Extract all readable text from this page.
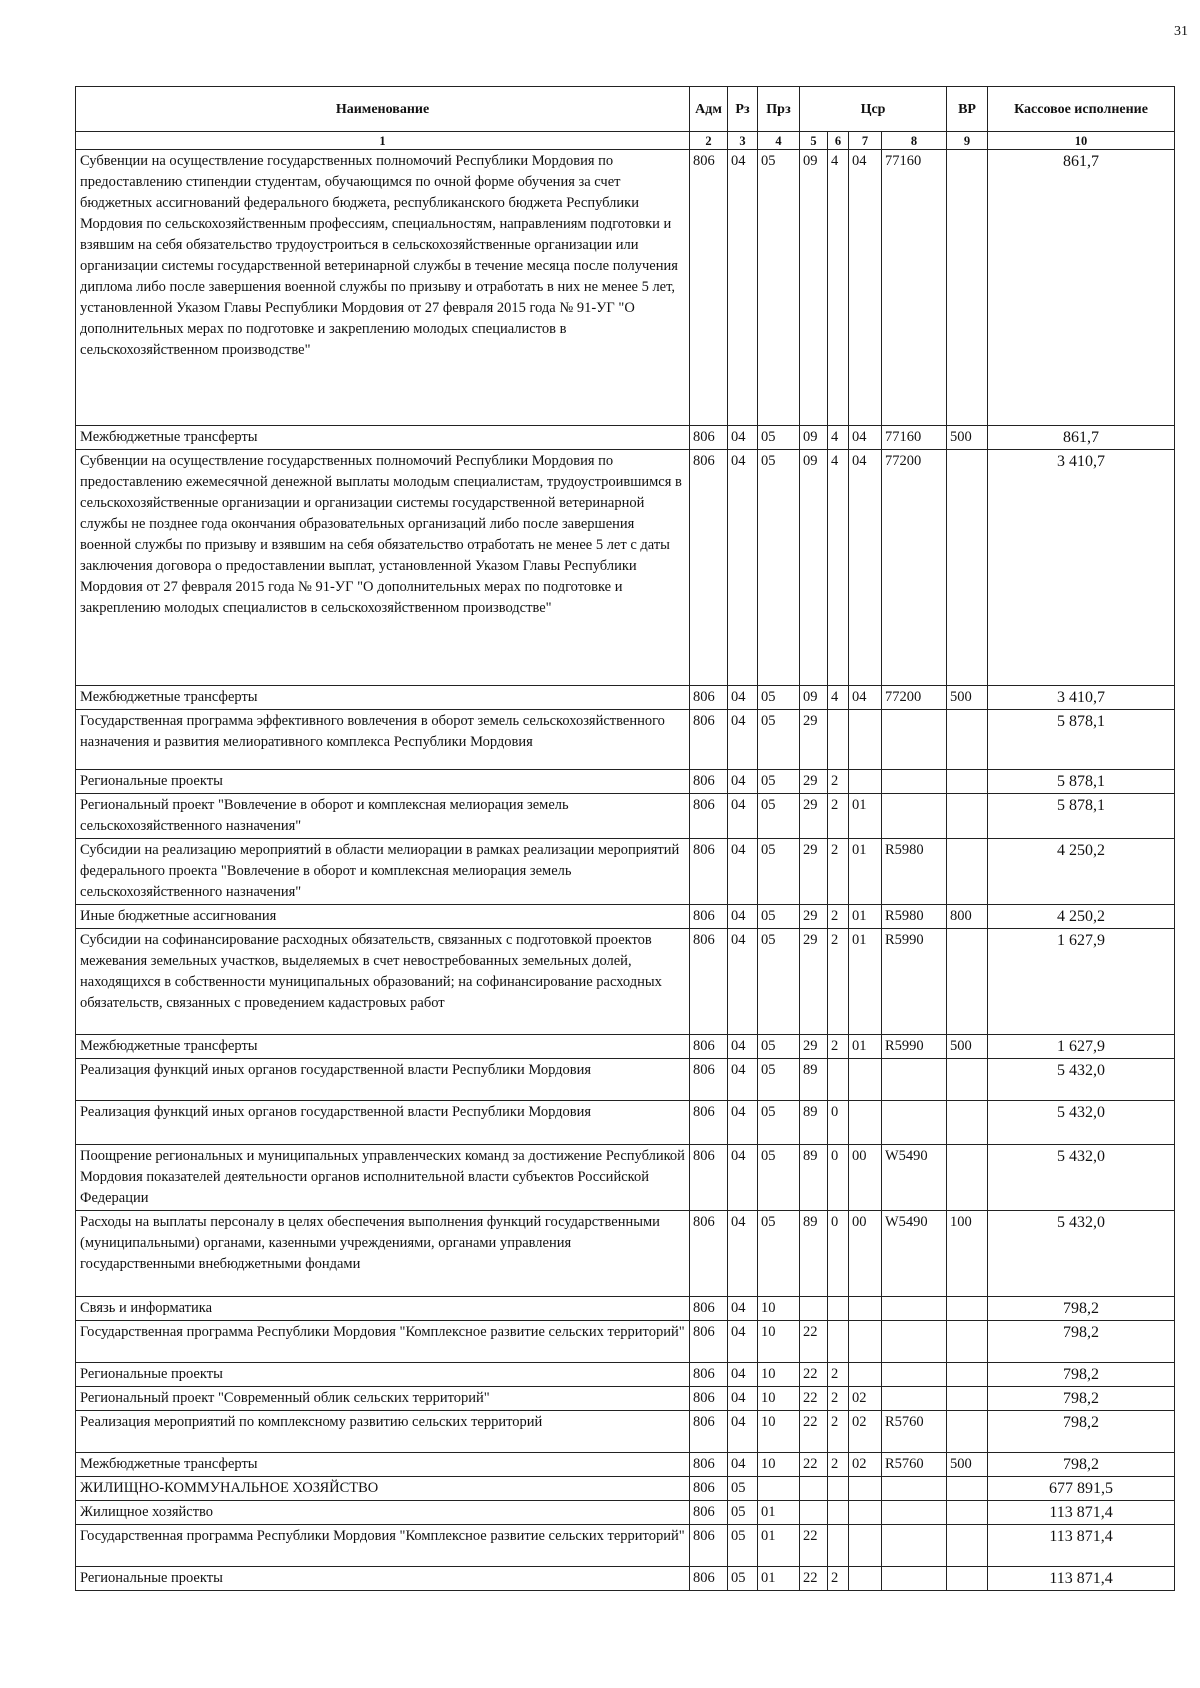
31
Наименование	Адм	Рз	Прз	Цср				ВР	Кассовое исполнение
1	2	3	4	5	6	7	8	9	10
Субвенции на осуществление государственных полномочий Республики Мордовия по предоставлению стипендии студентам, обучающимся по очной форме обучения за счет бюджетных ассигнований федерального бюджета, республиканского бюджета Республики Мордовия по сельскохозяйственным профессиям, специальностям, направлениям подготовки и взявшим на себя обязательство трудоустроиться в сельскохозяйственные организации или организации системы государственной ветеринарной службы в течение месяца после получения диплома либо после завершения военной службы по призыву и отработать в них не менее 5 лет, установленной Указом Главы Республики Мордовия от 27 февраля 2015 года № 91-УГ "О дополнительных мерах по подготовке и закреплению молодых специалистов в сельскохозяйственном производстве"	806	04	05	09	4	04	77160		861,7
Межбюджетные трансферты	806	04	05	09	4	04	77160	500	861,7
Субвенции на осуществление государственных полномочий Республики Мордовия по предоставлению ежемесячной денежной выплаты молодым специалистам, трудоустроившимся в сельскохозяйственные организации и организации системы государственной ветеринарной службы не позднее года окончания образовательных организаций либо после завершения военной службы по призыву и взявшим на себя обязательство отработать не менее 5 лет с даты заключения договора о предоставлении выплат, установленной Указом Главы Республики Мордовия от 27 февраля 2015 года № 91-УГ "О дополнительных мерах по подготовке и закреплению молодых специалистов в сельскохозяйственном производстве"	806	04	05	09	4	04	77200		3 410,7
Межбюджетные трансферты	806	04	05	09	4	04	77200	500	3 410,7
Государственная программа эффективного вовлечения в оборот земель сельскохозяйственного назначения и развития мелиоративного комплекса Республики Мордовия	806	04	05	29					5 878,1
Региональные проекты	806	04	05	29	2				5 878,1
Региональный проект "Вовлечение в оборот и комплексная мелиорация земель сельскохозяйственного назначения"	806	04	05	29	2	01			5 878,1
Субсидии на реализацию мероприятий в области мелиорации в рамках реализации мероприятий федерального проекта "Вовлечение в оборот и комплексная мелиорация земель сельскохозяйственного назначения"	806	04	05	29	2	01	R5980		4 250,2
Иные бюджетные ассигнования	806	04	05	29	2	01	R5980	800	4 250,2
Субсидии на софинансирование расходных обязательств, связанных с подготовкой проектов межевания земельных участков, выделяемых в счет невостребованных земельных долей, находящихся в собственности муниципальных образований; на софинансирование расходных обязательств, связанных с проведением кадастровых работ	806	04	05	29	2	01	R5990		1 627,9
Межбюджетные трансферты	806	04	05	29	2	01	R5990	500	1 627,9
Реализация функций иных органов государственной власти Республики Мордовия	806	04	05	89					5 432,0
Реализация функций иных органов государственной власти Республики Мордовия	806	04	05	89	0				5 432,0
Поощрение региональных и муниципальных управленческих команд за достижение Республикой Мордовия показателей деятельности органов исполнительной власти субъектов Российской Федерации	806	04	05	89	0	00	W5490		5 432,0
Расходы на выплаты персоналу в целях обеспечения выполнения функций государственными (муниципальными) органами, казенными учреждениями, органами управления государственными внебюджетными фондами	806	04	05	89	0	00	W5490	100	5 432,0
Связь и информатика	806	04	10						798,2
Государственная программа Республики Мордовия "Комплексное развитие сельских территорий"	806	04	10	22					798,2
Региональные проекты	806	04	10	22	2				798,2
Региональный проект "Современный облик сельских территорий"	806	04	10	22	2	02			798,2
Реализация мероприятий по комплексному развитию сельских территорий	806	04	10	22	2	02	R5760		798,2
Межбюджетные трансферты	806	04	10	22	2	02	R5760	500	798,2
ЖИЛИЩНО-КОММУНАЛЬНОЕ ХОЗЯЙСТВО	806	05							677 891,5
Жилищное хозяйство	806	05	01						113 871,4
Государственная программа Республики Мордовия "Комплексное развитие сельских территорий"	806	05	01	22					113 871,4
Региональные проекты	806	05	01	22	2				113 871,4
